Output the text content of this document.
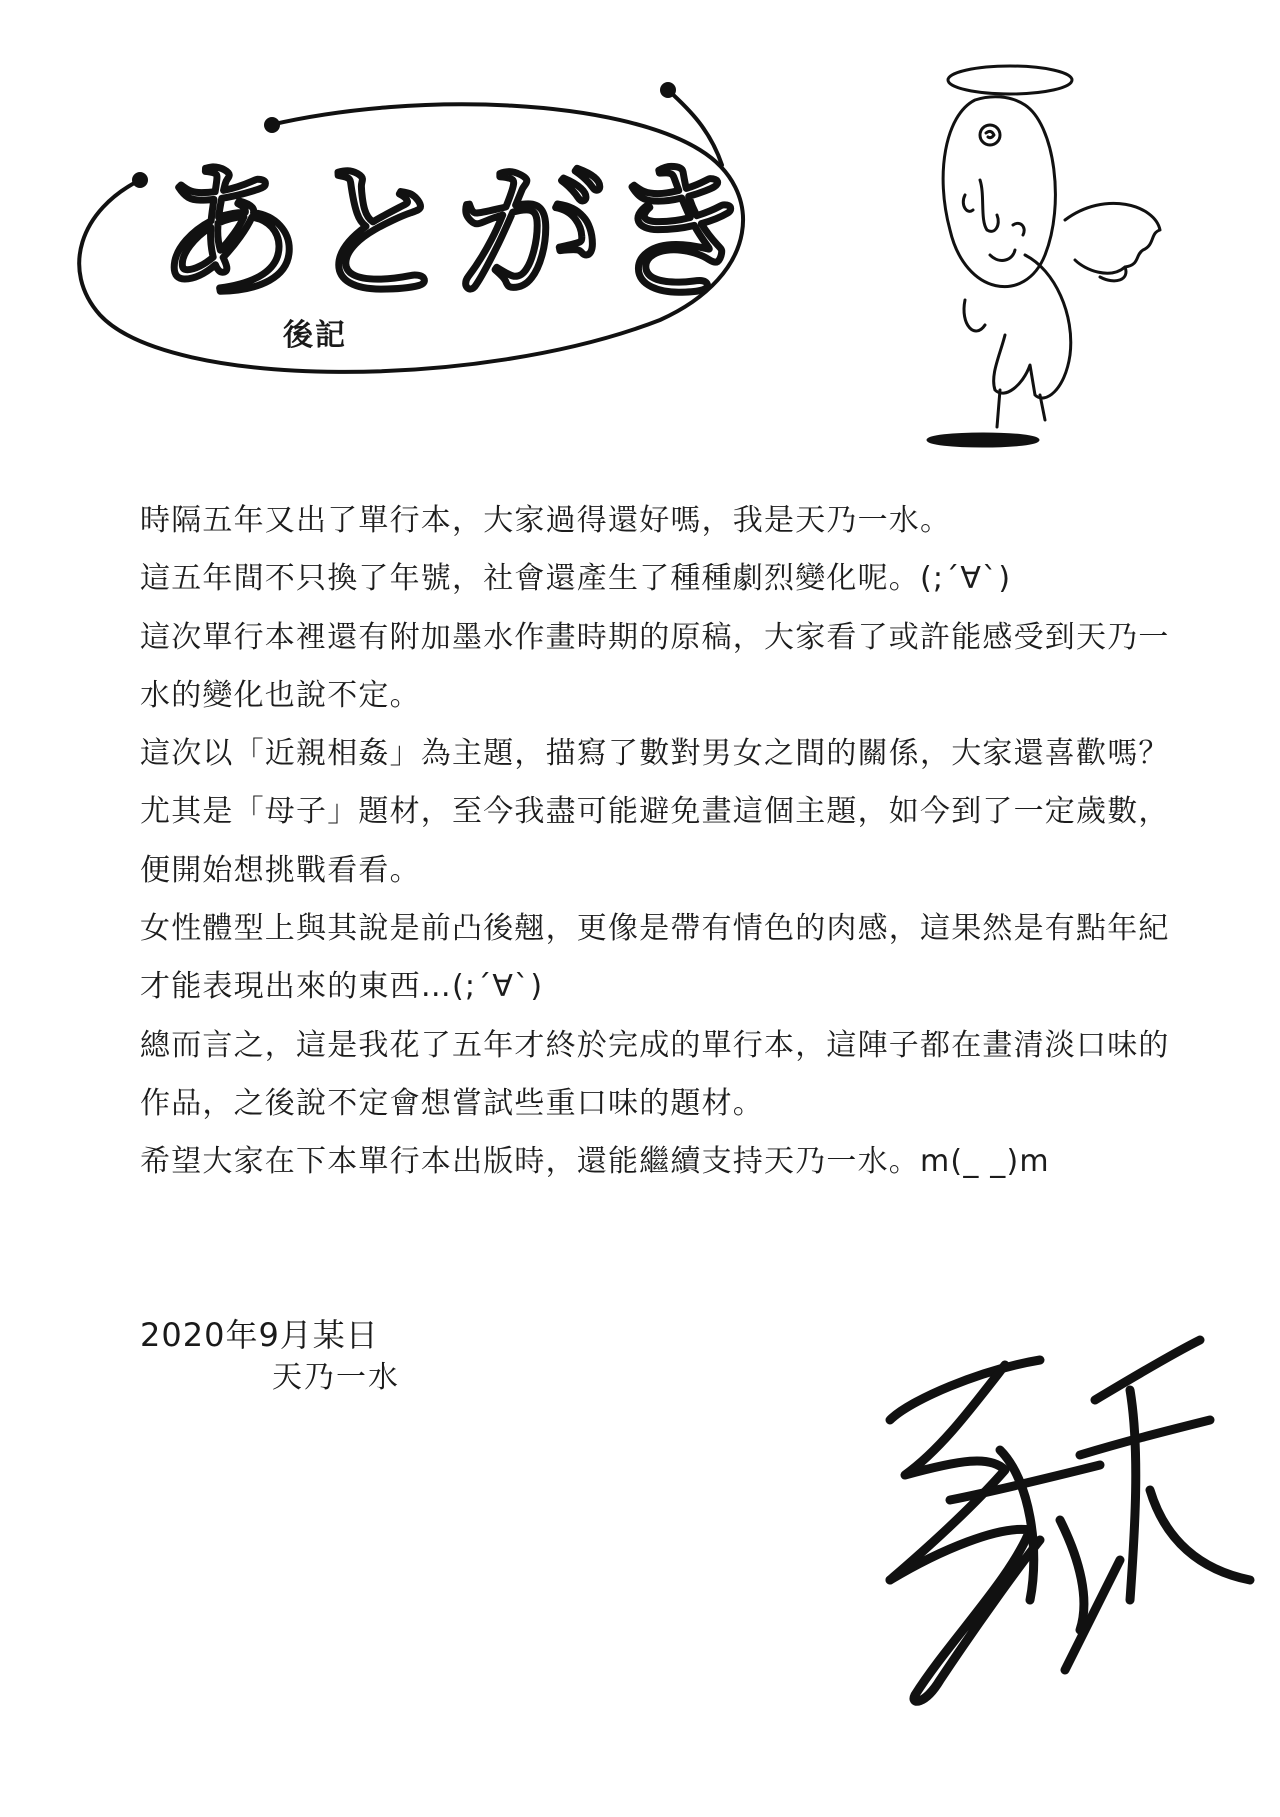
あとがき
後記
時隔五年又出了單行本，大家過得還好嗎，我是天乃一水。
這五年間不只換了年號，社會還產生了種種劇烈變化呢。(;´∀`)
這次單行本裡還有附加墨水作畫時期的原稿，大家看了或許能感受到天乃一水的變化也說不定。
這次以「近親相姦」為主題，描寫了數對男女之間的關係，大家還喜歡嗎？
尤其是「母子」題材，至今我盡可能避免畫這個主題，如今到了一定歲數，便開始想挑戰看看。
女性體型上與其說是前凸後翹，更像是帶有情色的肉感，這果然是有點年紀才能表現出來的東西…(;´∀`)
總而言之，這是我花了五年才終於完成的單行本，這陣子都在畫清淡口味的作品，之後說不定會想嘗試些重口味的題材。
希望大家在下本單行本出版時，還能繼續支持天乃一水。m(_ _)m
2020年9月某日
天乃一水
